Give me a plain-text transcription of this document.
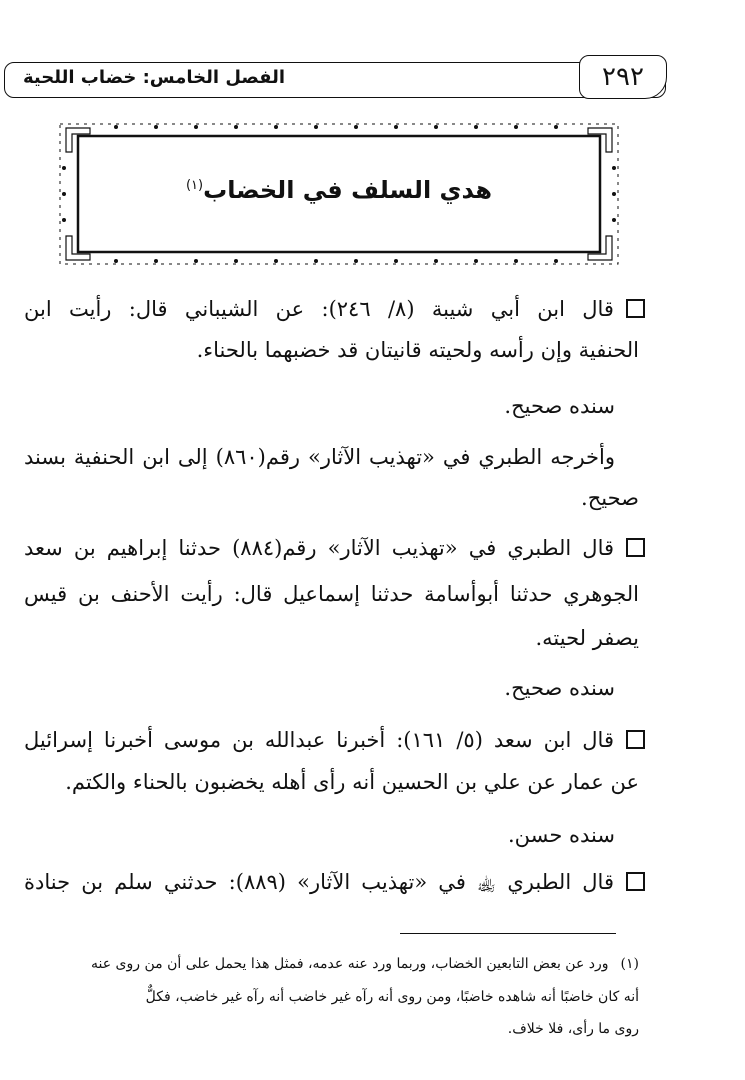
الفصل الخامس: خضاب اللحية	٢٩٢
هدي السلف في الخضاب$^{(١)}$
قال ابن أبي شيبة (٨/ ٢٤٦): عن الشيباني قال: رأيت ابن
الحنفية وإن رأسه ولحيته قانيتان قد خضبهما بالحناء.
سنده صحيح.
وأخرجه الطبري في «تهذيب الآثار» رقم(٨٦٠) إلى ابن الحنفية بسند
صحيح.
قال الطبري في «تهذيب الآثار» رقم(٨٨٤) حدثنا إبراهيم بن سعد
الجوهري حدثنا أبوأسامة حدثنا إسماعيل قال: رأيت الأحنف بن قيس
يصفر لحيته.
سنده صحيح.
قال ابن سعد (٥/ ١٦١): أخبرنا عبدالله بن موسى أخبرنا إسرائيل
عن عمار عن علي بن الحسين أنه رأى أهله يخضبون بالحناء والكتم.
سنده حسن.
قال الطبري ﵀ في «تهذيب الآثار» (٨٨٩): حدثني سلم بن جنادة
(١)ورد عن بعض التابعين الخضاب، وربما ورد عنه عدمه، فمثل هذا يحمل على أن من روى عنه
أنه كان خاضبًا أنه شاهده خاضبًا، ومن روى أنه رآه غير خاضب أنه رآه غير خاضب، فكلٌّ
روى ما رأى، فلا خلاف.
